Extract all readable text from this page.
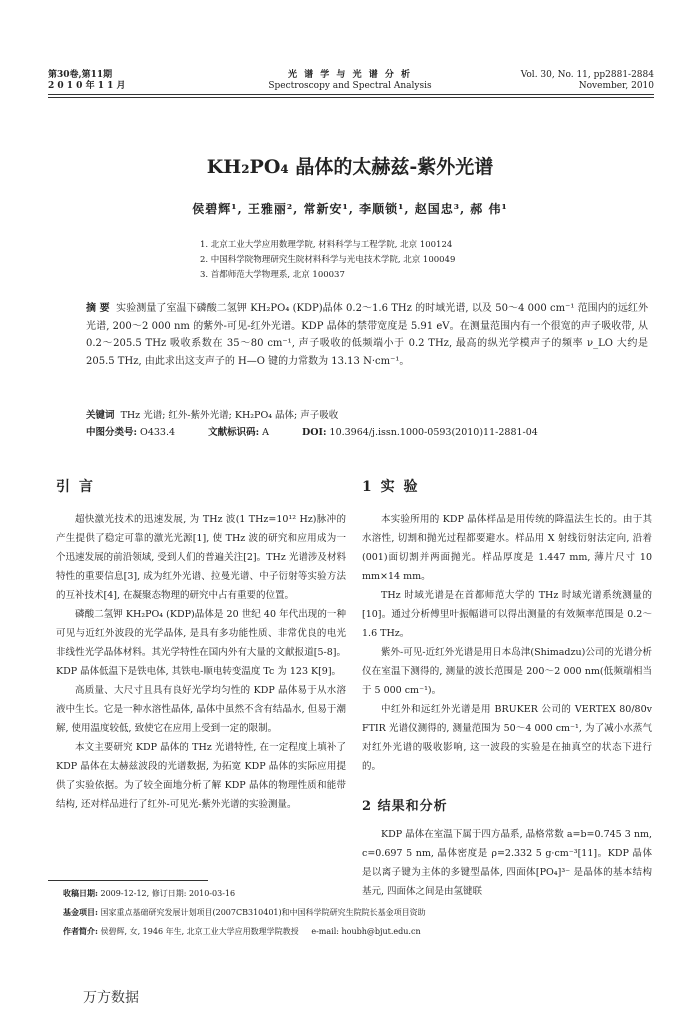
第30卷,第11期
2 0 1 0 年 1 1 月
光 谱 学 与 光 谱 分 析
Spectroscopy and Spectral Analysis
Vol. 30, No. 11, pp2881-2884
November, 2010
KH₂PO₄ 晶体的太赫兹-紫外光谱
侯碧辉¹, 王雅丽², 常新安¹, 李顺锁¹, 赵国忠³, 郝 伟¹
1. 北京工业大学应用数理学院, 材料科学与工程学院, 北京 100124
2. 中国科学院物理研究生院材料科学与光电技术学院, 北京 100049
3. 首都师范大学物理系, 北京 100037
摘 要 实验测量了室温下磷酸二氢钾 KH₂PO₄ (KDP)晶体 0.2～1.6 THz 的时域光谱, 以及 50～4 000 cm⁻¹ 范围内的远红外光谱, 200～2 000 nm 的紫外-可见-红外光谱。KDP 晶体的禁带宽度是 5.91 eV。在测量范围内有一个很宽的声子吸收带, 从 0.2～205.5 THz 吸收系数在 35～80 cm⁻¹, 声子吸收的低频端小于 0.2 THz, 最高的纵光学模声子的频率 ν_LO 大约是 205.5 THz, 由此求出这支声子的 H—O 键的力常数为 13.13 N·cm⁻¹。
关键词 THz 光谱; 红外-紫外光谱; KH₂PO₄ 晶体; 声子吸收
中图分类号: O433.4	文献标识码: A	DOI: 10.3964/j.issn.1000-0593(2010)11-2881-04
引 言

超快激光技术的迅速发展, 为 THz 波(1 THz=10¹² Hz)脉冲的产生提供了稳定可靠的激光光源[1], 使 THz 波的研究和应用成为一个迅速发展的前沿领域, 受到人们的普遍关注[2]。THz 光谱涉及材料特性的重要信息[3], 成为红外光谱、拉曼光谱、中子衍射等实验方法的互补技术[4], 在凝聚态物理的研究中占有重要的位置。

磷酸二氢钾 KH₂PO₄ (KDP)晶体是 20 世纪 40 年代出现的一种可见与近红外波段的光学晶体, 是具有多功能性质、非常优良的电光非线性光学晶体材料。其光学特性在国内外有大量的文献报道[5-8]。KDP 晶体低温下是铁电体, 其铁电-顺电转变温度 Tc 为 123 K[9]。

高质量、大尺寸且具有良好光学均匀性的 KDP 晶体易于从水溶液中生长。它是一种水溶性晶体, 晶体中虽然不含有结晶水, 但易于潮解, 使用温度较低, 致使它在应用上受到一定的限制。

本文主要研究 KDP 晶体的 THz 光谱特性, 在一定程度上填补了 KDP 晶体在太赫兹波段的光谱数据, 为拓宽 KDP 晶体的实际应用提供了实验依据。为了较全面地分析了解 KDP 晶体的物理性质和能带结构, 还对样品进行了红外-可见光-紫外光谱的实验测量。

1 实 验

本实验所用的 KDP 晶体样品是用传统的降温法生长的。由于其水溶性, 切割和抛光过程都要避水。样品用 X 射线衍射法定向, 沿着(001)面切割并两面抛光。样品厚度是 1.447 mm, 薄片尺寸 10 mm×14 mm。

THz 时域光谱是在首都师范大学的 THz 时域光谱系统测量的[10]。通过分析傅里叶振幅谱可以得出测量的有效频率范围是 0.2～1.6 THz。

紫外-可见-近红外光谱是用日本岛津(Shimadzu)公司的光谱分析仪在室温下测得的, 测量的波长范围是 200～2 000 nm(低频端相当于 5 000 cm⁻¹)。

中红外和远红外光谱是用 BRUKER 公司的 VERTEX 80/80v FTIR 光谱仪测得的, 测量范围为 50～4 000 cm⁻¹, 为了减小水蒸气对红外光谱的吸收影响, 这一波段的实验是在抽真空的状态下进行的。

2 结果和分析

KDP 晶体在室温下属于四方晶系, 晶格常数 a=b=0.745 3 nm, c=0.697 5 nm, 晶体密度是 ρ=2.332 5 g·cm⁻³[11]。KDP 晶体是以离子键为主体的多键型晶体, 四面体[PO₄]³⁻ 是晶体的基本结构基元, 四面体之间是由氢键联

收稿日期: 2009-12-12, 修订日期: 2010-03-16
基金项目: 国家重点基础研究发展计划项目(2007CB310401)和中国科学院研究生院院长基金项目资助
作者简介: 侯碧辉, 女, 1946 年生, 北京工业大学应用数理学院教授     e-mail: houbh@bjut.edu.cn
万方数据
